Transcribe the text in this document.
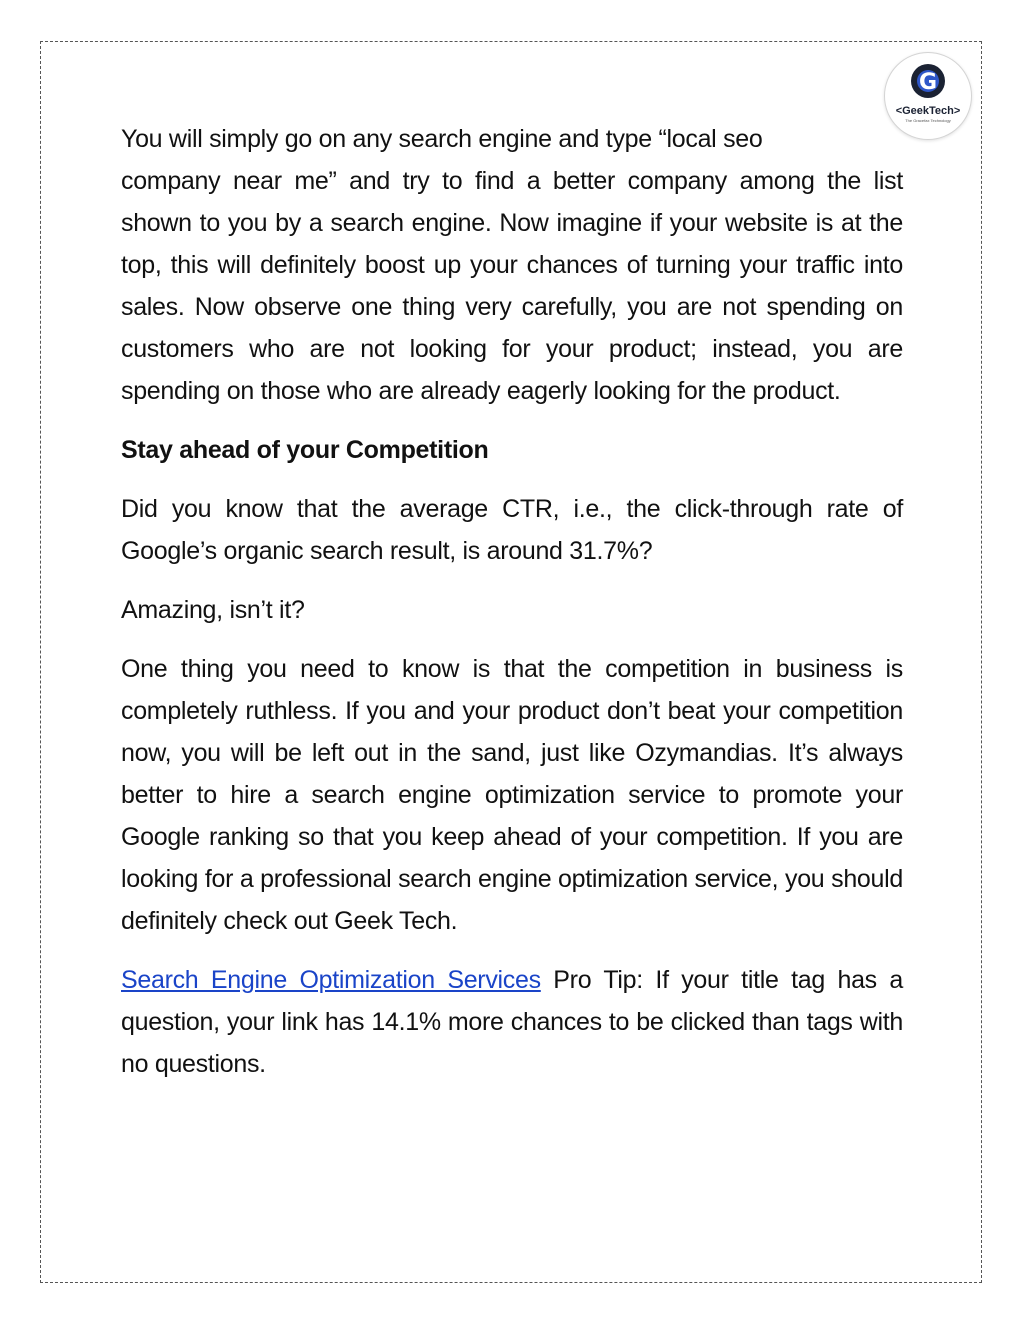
G
<GeekTech>
The Gracefax Technology

You will simply go on any search engine and type “local seo
company near me” and try to find a better company among the list shown to you by a search engine. Now imagine if your website is at the top, this will definitely boost up your chances of turning your traffic into sales. Now observe one thing very carefully, you are not spending on customers who are not looking for your product; instead, you are spending on those who are already eagerly looking for the product.

Stay ahead of your Competition

Did you know that the average CTR, i.e., the click-through rate of Google’s organic search result, is around 31.7%?

Amazing, isn’t it?

One thing you need to know is that the competition in business is completely ruthless. If you and your product don’t beat your competition now, you will be left out in the sand, just like Ozymandias. It’s always better to hire a search engine optimization service to promote your Google ranking so that you keep ahead of your competition. If you are looking for a professional search engine optimization service, you should definitely check out Geek Tech.

Search Engine Optimization Services Pro Tip: If your title tag has a question, your link has 14.1% more chances to be clicked than tags with no questions.
